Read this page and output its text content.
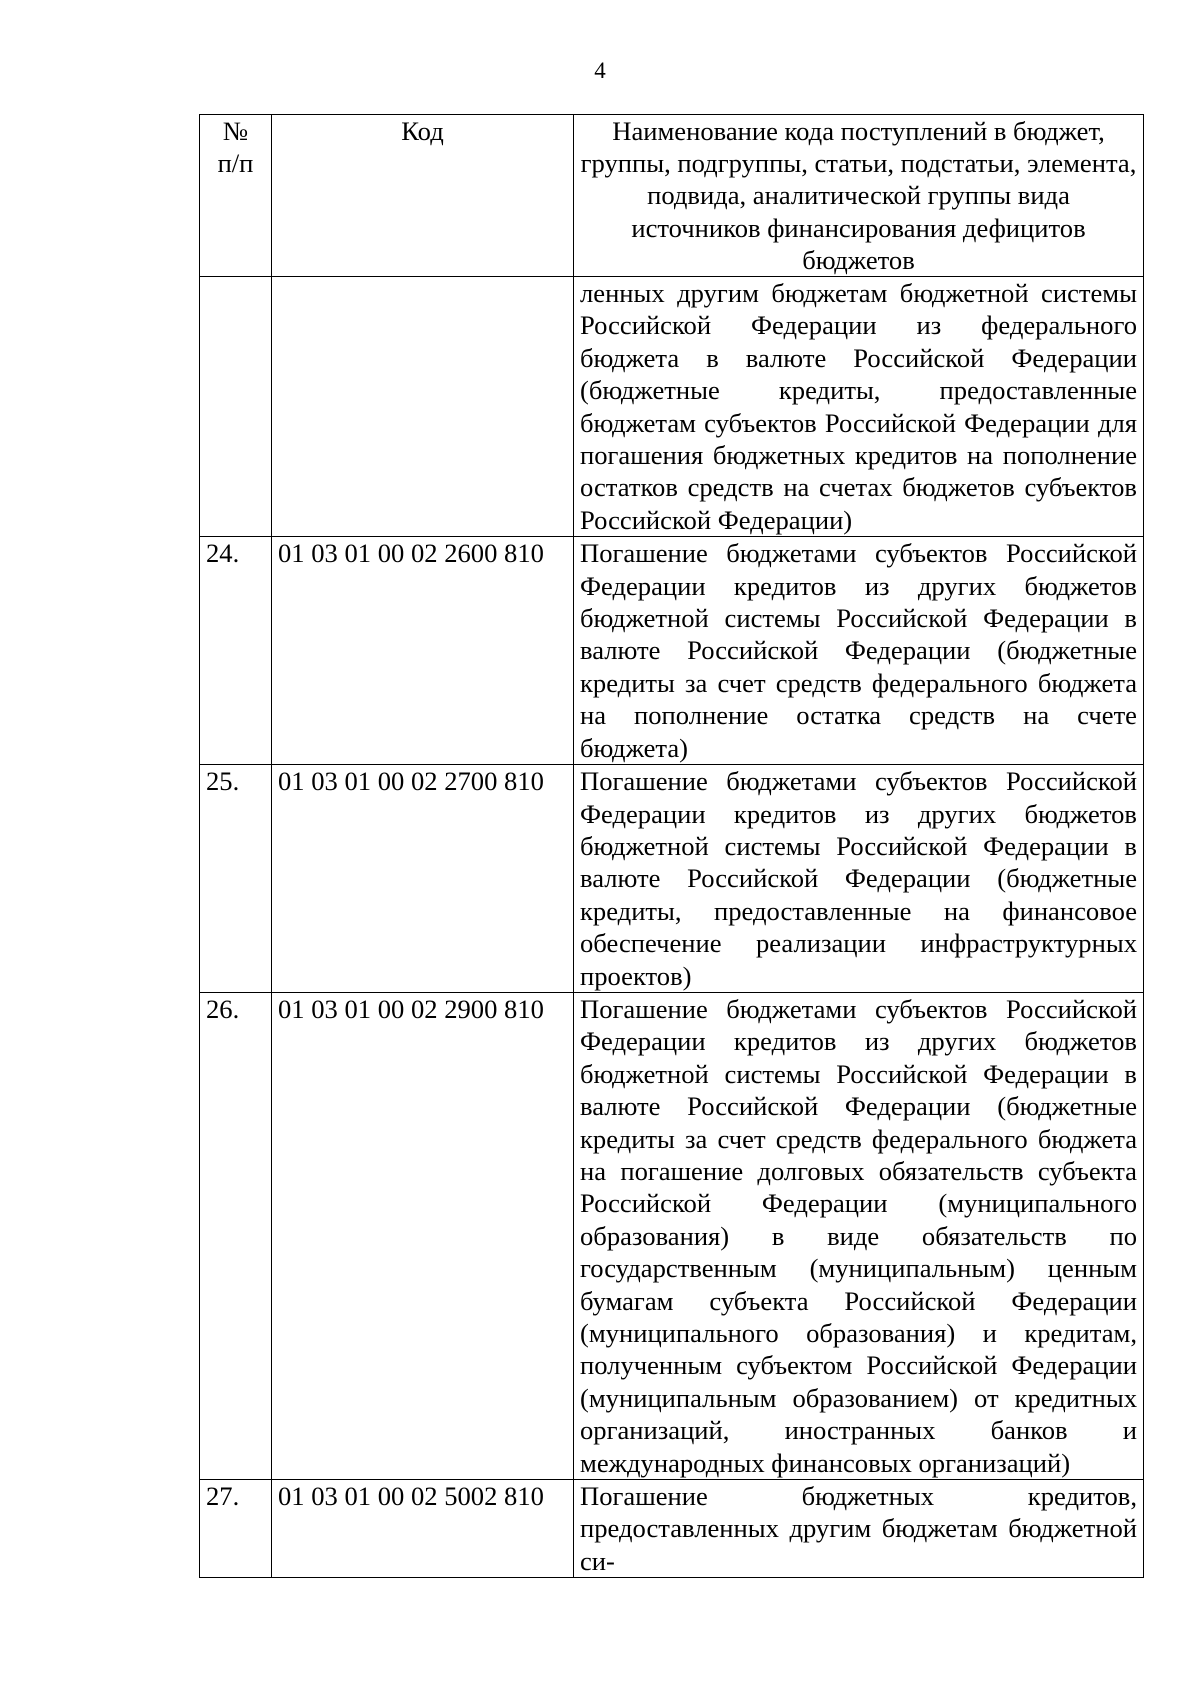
4
№
п/п	Код	Наименование кода поступлений в бюджет, группы, подгруппы, статьи, подстатьи, элемента, подвида, аналитической группы вида источников финансирования дефицитов бюджетов
		ленных другим бюджетам бюджетной системы Российской Федерации из федерального бюджета в валюте Российской Федерации (бюджетные кредиты, предоставленные бюджетам субъектов Российской Федерации для погашения бюджетных кредитов на пополнение остатков средств на счетах бюджетов субъектов Российской Федерации)
24.	01 03 01 00 02 2600 810	Погашение бюджетами субъектов Российской Федерации кредитов из других бюджетов бюджетной системы Российской Федерации в валюте Российской Федерации (бюджетные кредиты за счет средств федерального бюджета на пополнение остатка средств на счете бюджета)
25.	01 03 01 00 02 2700 810	Погашение бюджетами субъектов Российской Федерации кредитов из других бюджетов бюджетной системы Российской Федерации в валюте Российской Федерации (бюджетные кредиты, предоставленные на финансовое обеспечение реализации инфраструктурных проектов)
26.	01 03 01 00 02 2900 810	Погашение бюджетами субъектов Российской Федерации кредитов из других бюджетов бюджетной системы Российской Федерации в валюте Российской Федерации (бюджетные кредиты за счет средств федерального бюджета на погашение долговых обязательств субъекта Российской Федерации (муниципального образования) в виде обязательств по государственным (муниципальным) ценным бумагам субъекта Российской Федерации (муниципального образования) и кредитам, полученным субъектом Российской Федерации (муниципальным образованием) от кредитных организаций, иностранных банков и международных финансовых организаций)
27.	01 03 01 00 02 5002 810	Погашение бюджетных кредитов, предоставленных другим бюджетам бюджетной си-
